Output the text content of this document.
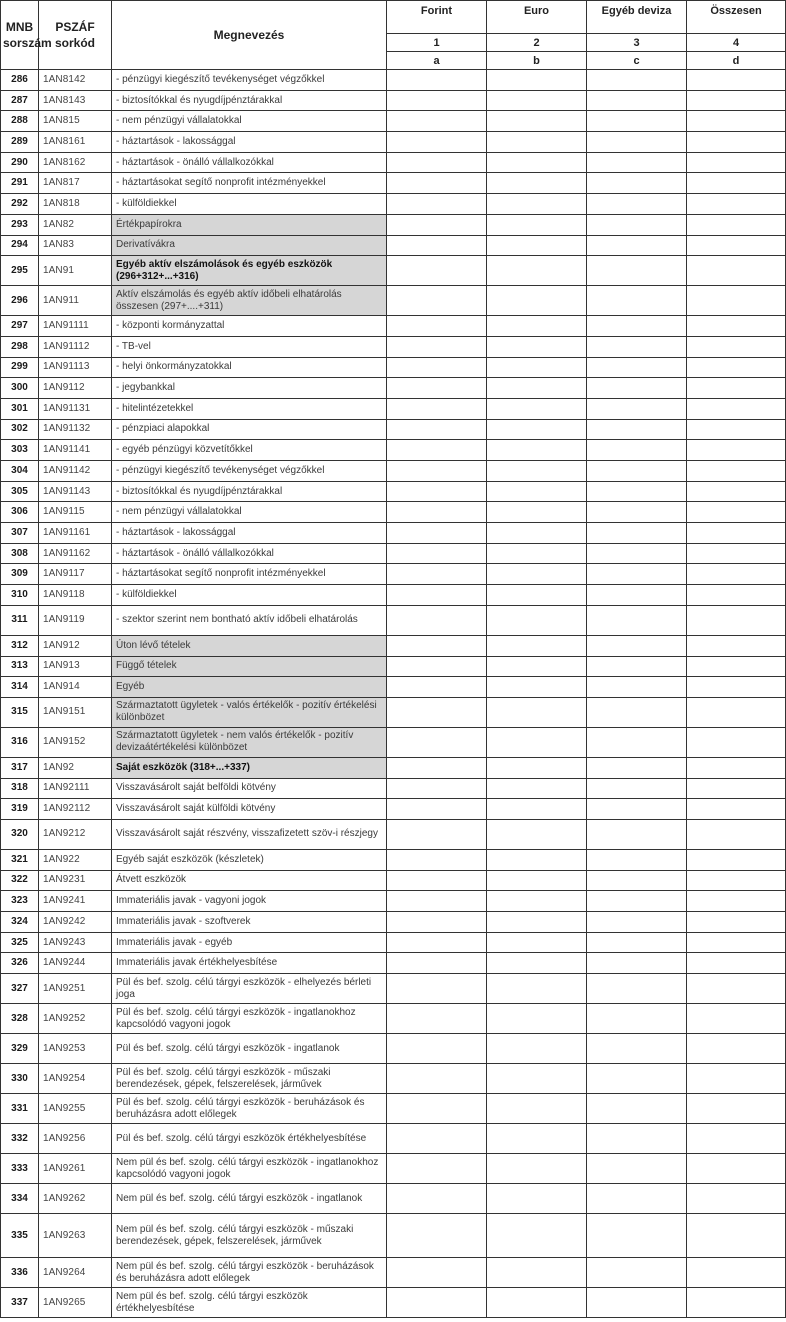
MNB sorszám	PSZÁF sorkód	Megnevezés	Forint	Euro	Egyéb deviza	Összesen
			1	2	3	4
			a	b	c	d
286	1AN8142	- pénzügyi kiegészítő tevékenységet végzőkkel				
287	1AN8143	- biztosítókkal és nyugdíjpénztárakkal				
288	1AN815	- nem pénzügyi vállalatokkal				
289	1AN8161	- háztartások - lakossággal				
290	1AN8162	- háztartások - önálló vállalkozókkal				
291	1AN817	- háztartásokat segítő nonprofit intézményekkel				
292	1AN818	- külföldiekkel				
293	1AN82	Értékpapírokra				
294	1AN83	Derivatívákra				
295	1AN91	Egyéb aktív elszámolások és egyéb eszközök (296+312+...+316)				
296	1AN911	Aktív elszámolás és egyéb aktív időbeli elhatárolás összesen (297+....+311)				
297	1AN91111	- központi kormányzattal				
298	1AN91112	- TB-vel				
299	1AN91113	- helyi önkormányzatokkal				
300	1AN9112	- jegybankkal				
301	1AN91131	- hitelintézetekkel				
302	1AN91132	- pénzpiaci alapokkal				
303	1AN91141	- egyéb pénzügyi közvetítőkkel				
304	1AN91142	- pénzügyi kiegészítő tevékenységet végzőkkel				
305	1AN91143	- biztosítókkal és nyugdíjpénztárakkal				
306	1AN9115	- nem pénzügyi vállalatokkal				
307	1AN91161	- háztartások - lakossággal				
308	1AN91162	- háztartások - önálló vállalkozókkal				
309	1AN9117	- háztartásokat segítő nonprofit intézményekkel				
310	1AN9118	- külföldiekkel				
311	1AN9119	- szektor szerint nem bontható aktív időbeli elhatárolás				
312	1AN912	Úton lévő tételek				
313	1AN913	Függő tételek				
314	1AN914	Egyéb				
315	1AN9151	Származtatott ügyletek - valós értékelők - pozitív értékelési különbözet				
316	1AN9152	Származtatott ügyletek - nem valós értékelők - pozitív devizaátértékelési különbözet				
317	1AN92	Saját eszközök (318+...+337)				
318	1AN92111	Visszavásárolt saját belföldi kötvény				
319	1AN92112	Visszavásárolt saját külföldi kötvény				
320	1AN9212	Visszavásárolt saját részvény, visszafizetett szöv-i részjegy				
321	1AN922	Egyéb saját eszközök (készletek)				
322	1AN9231	Átvett eszközök				
323	1AN9241	Immateriális javak - vagyoni jogok				
324	1AN9242	Immateriális javak - szoftverek				
325	1AN9243	Immateriális javak - egyéb				
326	1AN9244	Immateriális javak értékhelyesbítése				
327	1AN9251	Pül és bef. szolg. célú tárgyi eszközök - elhelyezés bérleti joga				
328	1AN9252	Pül és bef. szolg. célú tárgyi eszközök - ingatlanokhoz kapcsolódó vagyoni jogok				
329	1AN9253	Pül és bef. szolg. célú tárgyi eszközök - ingatlanok				
330	1AN9254	Pül és bef. szolg. célú tárgyi eszközök - műszaki berendezések, gépek, felszerelések, járművek				
331	1AN9255	Pül és bef. szolg. célú tárgyi eszközök - beruházások és beruházásra adott előlegek				
332	1AN9256	Pül és bef. szolg. célú tárgyi eszközök értékhelyesbítése				
333	1AN9261	Nem pül és bef. szolg. célú tárgyi eszközök - ingatlanokhoz kapcsolódó vagyoni jogok				
334	1AN9262	Nem pül és bef. szolg. célú tárgyi eszközök - ingatlanok				
335	1AN9263	Nem pül és bef. szolg. célú tárgyi eszközök - műszaki berendezések, gépek, felszerelések, járművek				
336	1AN9264	Nem pül és bef. szolg. célú tárgyi eszközök - beruházások és beruházásra adott előlegek				
337	1AN9265	Nem pül és bef. szolg. célú tárgyi eszközök értékhelyesbítése				
